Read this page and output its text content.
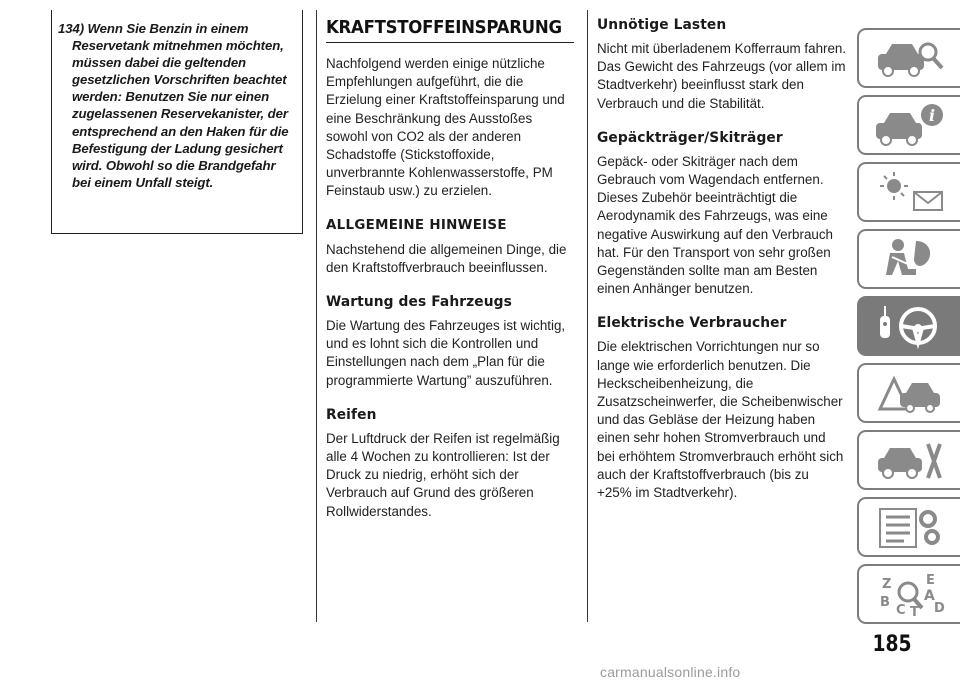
134) Wenn Sie Benzin in einem Reservetank mitnehmen möchten, müssen dabei die geltenden gesetzlichen Vorschriften beachtet werden: Benutzen Sie nur einen zugelassenen Reservekanister, der entsprechend an den Haken für die Befestigung der Ladung gesichert wird. Obwohl so die Brandgefahr bei einem Unfall steigt.

KRAFTSTOFFEINSPARUNG

Nachfolgend werden einige nützliche Empfehlungen aufgeführt, die die Erzielung einer Kraftstoffeinsparung und eine Beschränkung des Ausstoßes sowohl von CO2 als der anderen Schadstoffe (Stickstoffoxide, unverbrannte Kohlenwasserstoffe, PM Feinstaub usw.) zu erzielen.

ALLGEMEINE HINWEISE

Nachstehend die allgemeinen Dinge, die den Kraftstoffverbrauch beeinflussen.

Wartung des Fahrzeugs

Die Wartung des Fahrzeuges ist wichtig, und es lohnt sich die Kontrollen und Einstellungen nach dem „Plan für die programmierte Wartung” auszuführen.

Reifen

Der Luftdruck der Reifen ist regelmäßig alle 4 Wochen zu kontrollieren: Ist der Druck zu niedrig, erhöht sich der Verbrauch auf Grund des größeren Rollwiderstandes.

Unnötige Lasten

Nicht mit überladenem Kofferraum fahren. Das Gewicht des Fahrzeugs (vor allem im Stadtverkehr) beeinflusst stark den Verbrauch und die Stabilität.

Gepäckträger/Skiträger

Gepäck- oder Skiträger nach dem Gebrauch vom Wagendach entfernen. Dieses Zubehör beeinträchtigt die Aerodynamik des Fahrzeugs, was eine negative Auswirkung auf den Verbrauch hat. Für den Transport von sehr großen Gegenständen sollte man am Besten einen Anhänger benutzen.

Elektrische Verbraucher

Die elektrischen Vorrichtungen nur so lange wie erforderlich benutzen. Die Heckscheibenheizung, die Zusatzscheinwerfer, die Scheibenwischer und das Gebläse der Heizung haben einen sehr hohen Stromverbrauch und bei erhöhtem Stromverbrauch erhöht sich auch der Kraftstoffverbrauch (bis zu +25% im Stadtverkehr).

i
Z	E
A
B
C T D
185
carmanualsonline.info
